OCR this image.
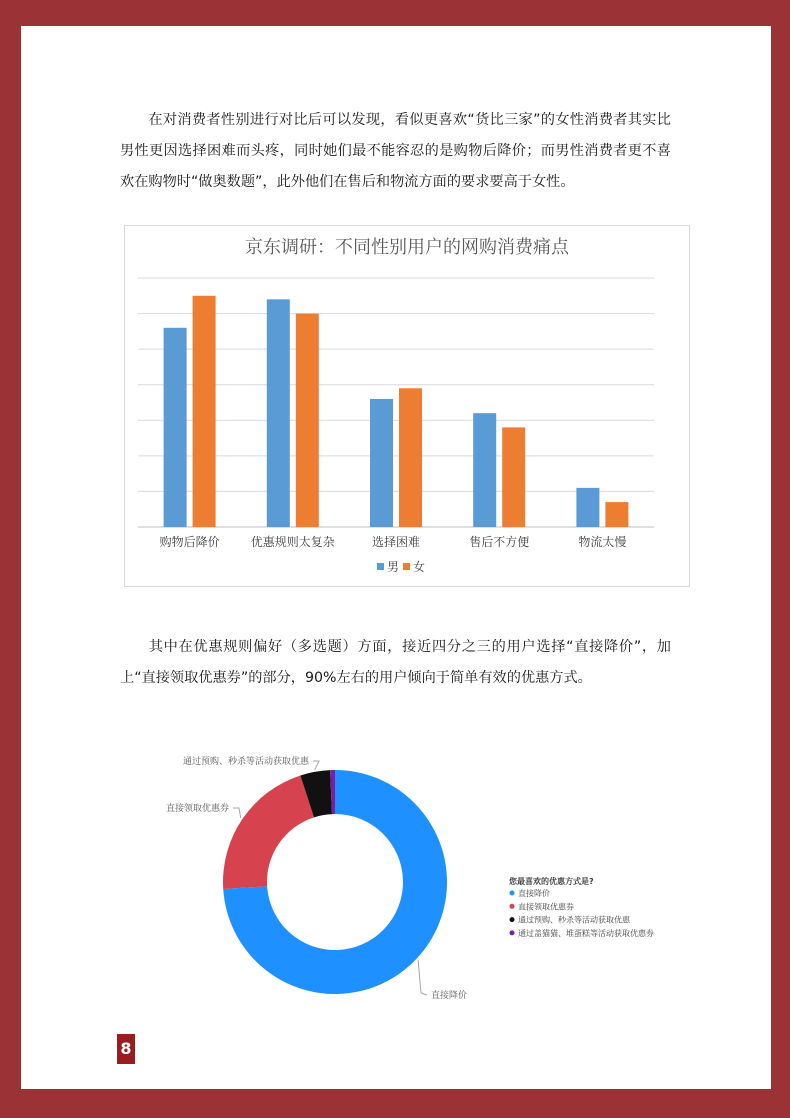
在对消费者性别进行对比后可以发现，看似更喜欢“货比三家”的女性消费者其实比男性更因选择困难而头疼，同时她们最不能容忍的是购物后降价；而男性消费者更不喜欢在购物时“做奥数题”，此外他们在售后和物流方面的要求要高于女性。

京东调研：不同性别用户的网购消费痛点
购物后降价	优惠规则太复杂	选择困难	售后不方便	物流太慢
男 女

其中在优惠规则偏好（多选题）方面，接近四分之三的用户选择“直接降价”，加上“直接领取优惠券”的部分，90%左右的用户倾向于简单有效的优惠方式。

直接降价
直接领取优惠券
通过预购、秒杀等活动获取优惠
您最喜欢的优惠方式是?
直接降价
直接领取优惠券
通过预购、秒杀等活动获取优惠
通过盖猫猫、堆蛋糕等活动获取优惠券
8
